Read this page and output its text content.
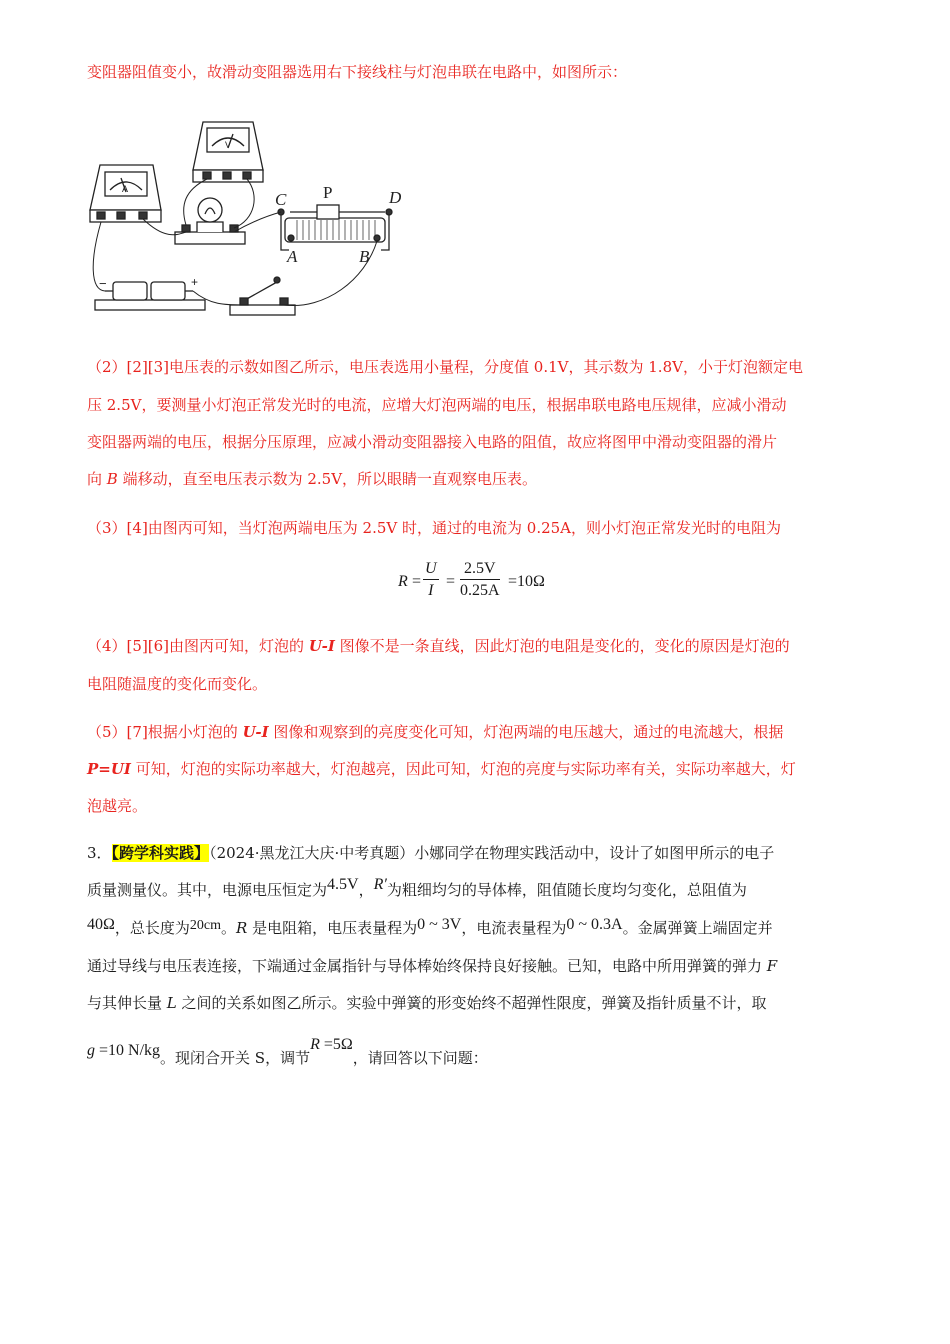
变阻器阻值变小，故滑动变阻器选用右下接线柱与灯泡串联在电路中，如图所示：
C P	D
A	B
V
A
−	+
（2）[2][3]电压表的示数如图乙所示，电压表选用小量程，分度值 0.1V，其示数为 1.8V，小于灯泡额定电
压 2.5V，要测量小灯泡正常发光时的电流，应增大灯泡两端的电压，根据串联电路电压规律，应减小滑动
变阻器两端的电压，根据分压原理，应减小滑动变阻器接入电路的阻值，故应将图甲中滑动变阻器的滑片
向 B 端移动，直至电压表示数为 2.5V，所以眼睛一直观察电压表。
（3）[4]由图丙可知，当灯泡两端电压为 2.5V 时，通过的电流为 0.25A，则小灯泡正常发光时的电阻为
$R = \frac{U}{I} = \frac{2.5V}{0.25A} =10\Omega$
（4）[5][6]由图丙可知，灯泡的 U-I 图像不是一条直线，因此灯泡的电阻是变化的，变化的原因是灯泡的
电阻随温度的变化而变化。
（5）[7]根据小灯泡的 U-I 图像和观察到的亮度变化可知，灯泡两端的电压越大，通过的电流越大，根据
P=UI 可知，灯泡的实际功率越大，灯泡越亮，因此可知，灯泡的亮度与实际功率有关，实际功率越大，灯
泡越亮。
3．【跨学科实践】（2024·黑龙江大庆·中考真题）小娜同学在物理实践活动中，设计了如图甲所示的电子
质量测量仪。其中，电源电压恒定为4.5V，R′为粗细均匀的导体棒，阻值随长度均匀变化，总阻值为
40Ω，总长度为20cm。R 是电阻箱，电压表量程为0 ~ 3V，电流表量程为0 ~ 0.3A。金属弹簧上端固定并
通过导线与电压表连接，下端通过金属指针与导体棒始终保持良好接触。已知，电路中所用弹簧的弹力 F
与其伸长量 L 之间的关系如图乙所示。实验中弹簧的形变始终不超弹性限度，弹簧及指针质量不计，取
g =10 N/kg。现闭合开关 S，调节R =5Ω，请回答以下问题：
